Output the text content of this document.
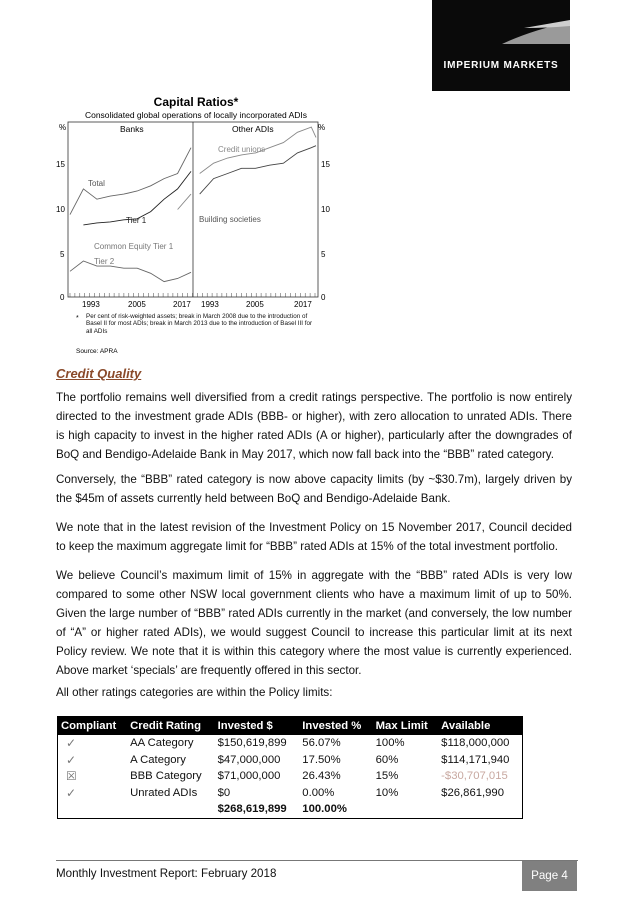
IMPERIUM MARKETS
Capital Ratios*
Consolidated global operations of locally incorporated ADIs
%	%
Banks	Other ADIs
0
5
10
15
0
5
10
15
1993	2005	2017 1993	2005	2017
Total
Tier 1
Common Equity Tier 1
Tier 2
Credit unions
Building societies
* Per cent of risk-weighted assets; break in March 2008 due to the introduction of Basel II for most ADIs; break in March 2013 due to the introduction of Basel III for all ADIs
Source: APRA
Credit Quality
The portfolio remains well diversified from a credit ratings perspective. The portfolio is now entirely directed to the investment grade ADIs (BBB- or higher), with zero allocation to unrated ADIs. There is high capacity to invest in the higher rated ADIs (A or higher), particularly after the downgrades of BoQ and Bendigo-Adelaide Bank in May 2017, which now fall back into the “BBB” rated category.
Conversely, the “BBB” rated category is now above capacity limits (by ~$30.7m), largely driven by the $45m of assets currently held between BoQ and Bendigo-Adelaide Bank.
We note that in the latest revision of the Investment Policy on 15 November 2017, Council decided to keep the maximum aggregate limit for “BBB” rated ADIs at 15% of the total investment portfolio.
We believe Council’s maximum limit of 15% in aggregate with the “BBB” rated ADIs is very low compared to some other NSW local government clients who have a maximum limit of up to 50%. Given the large number of “BBB” rated ADIs currently in the market (and conversely, the low number of “A” or higher rated ADIs), we would suggest Council to increase this particular limit at its next Policy review. We note that it is within this category where the most value is currently experienced. Above market ‘specials’ are frequently offered in this sector.
All other ratings categories are within the Policy limits:
Compliant	Credit Rating	Invested $	Invested %	Max Limit	Available
✓	AA Category	$150,619,899	56.07%	100%	$118,000,000
✓	A Category	$47,000,000	17.50%	60%	$114,171,940
☒	BBB Category	$71,000,000	26.43%	15%	-$30,707,015
✓	Unrated ADIs	$0	0.00%	10%	$26,861,990
		$268,619,899	100.00%		
Monthly Investment Report: February 2018	Page 4
